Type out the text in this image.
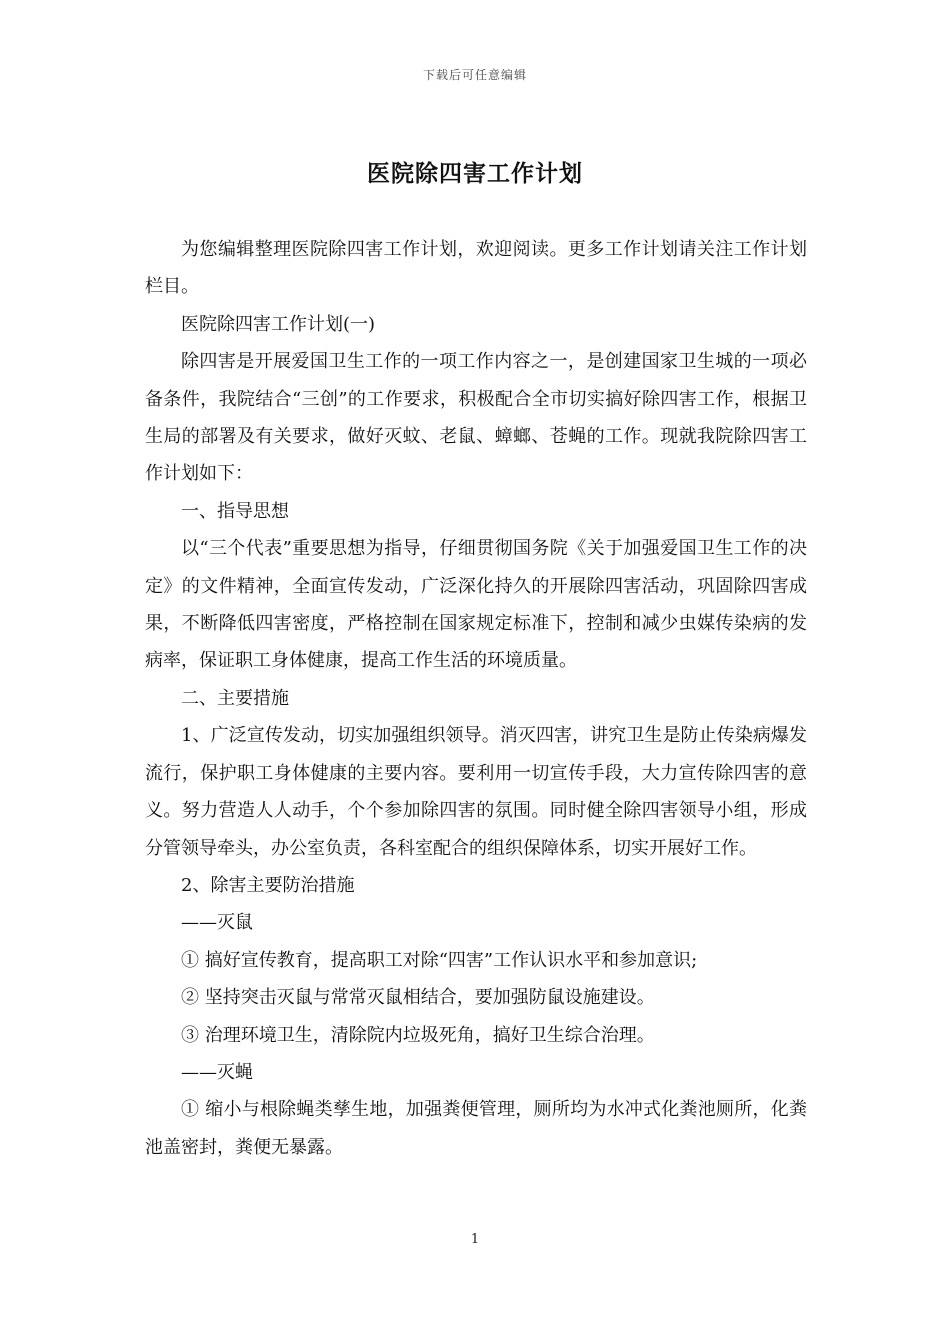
下载后可任意编辑
医院除四害工作计划

为您编辑整理医院除四害工作计划，欢迎阅读。更多工作计划请关注工作计划栏目。

医院除四害工作计划(一)

除四害是开展爱国卫生工作的一项工作内容之一，是创建国家卫生城的一项必备条件，我院结合“三创”的工作要求，积极配合全市切实搞好除四害工作，根据卫生局的部署及有关要求，做好灭蚊、老鼠、蟑螂、苍蝇的工作。现就我院除四害工作计划如下：

一、指导思想

以“三个代表”重要思想为指导，仔细贯彻国务院《关于加强爱国卫生工作的决定》的文件精神，全面宣传发动，广泛深化持久的开展除四害活动，巩固除四害成果，不断降低四害密度，严格控制在国家规定标准下，控制和减少虫媒传染病的发病率，保证职工身体健康，提高工作生活的环境质量。

二、主要措施

1、广泛宣传发动，切实加强组织领导。消灭四害，讲究卫生是防止传染病爆发流行，保护职工身体健康的主要内容。要利用一切宣传手段，大力宣传除四害的意义。努力营造人人动手，个个参加除四害的氛围。同时健全除四害领导小组，形成分管领导牵头，办公室负责，各科室配合的组织保障体系，切实开展好工作。

2、除害主要防治措施

——灭鼠

① 搞好宣传教育，提高职工对除“四害”工作认识水平和参加意识;

② 坚持突击灭鼠与常常灭鼠相结合，要加强防鼠设施建设。

③ 治理环境卫生，清除院内垃圾死角，搞好卫生综合治理。

——灭蝇

① 缩小与根除蝇类孳生地，加强粪便管理，厕所均为水冲式化粪池厕所，化粪池盖密封，粪便无暴露。

1
